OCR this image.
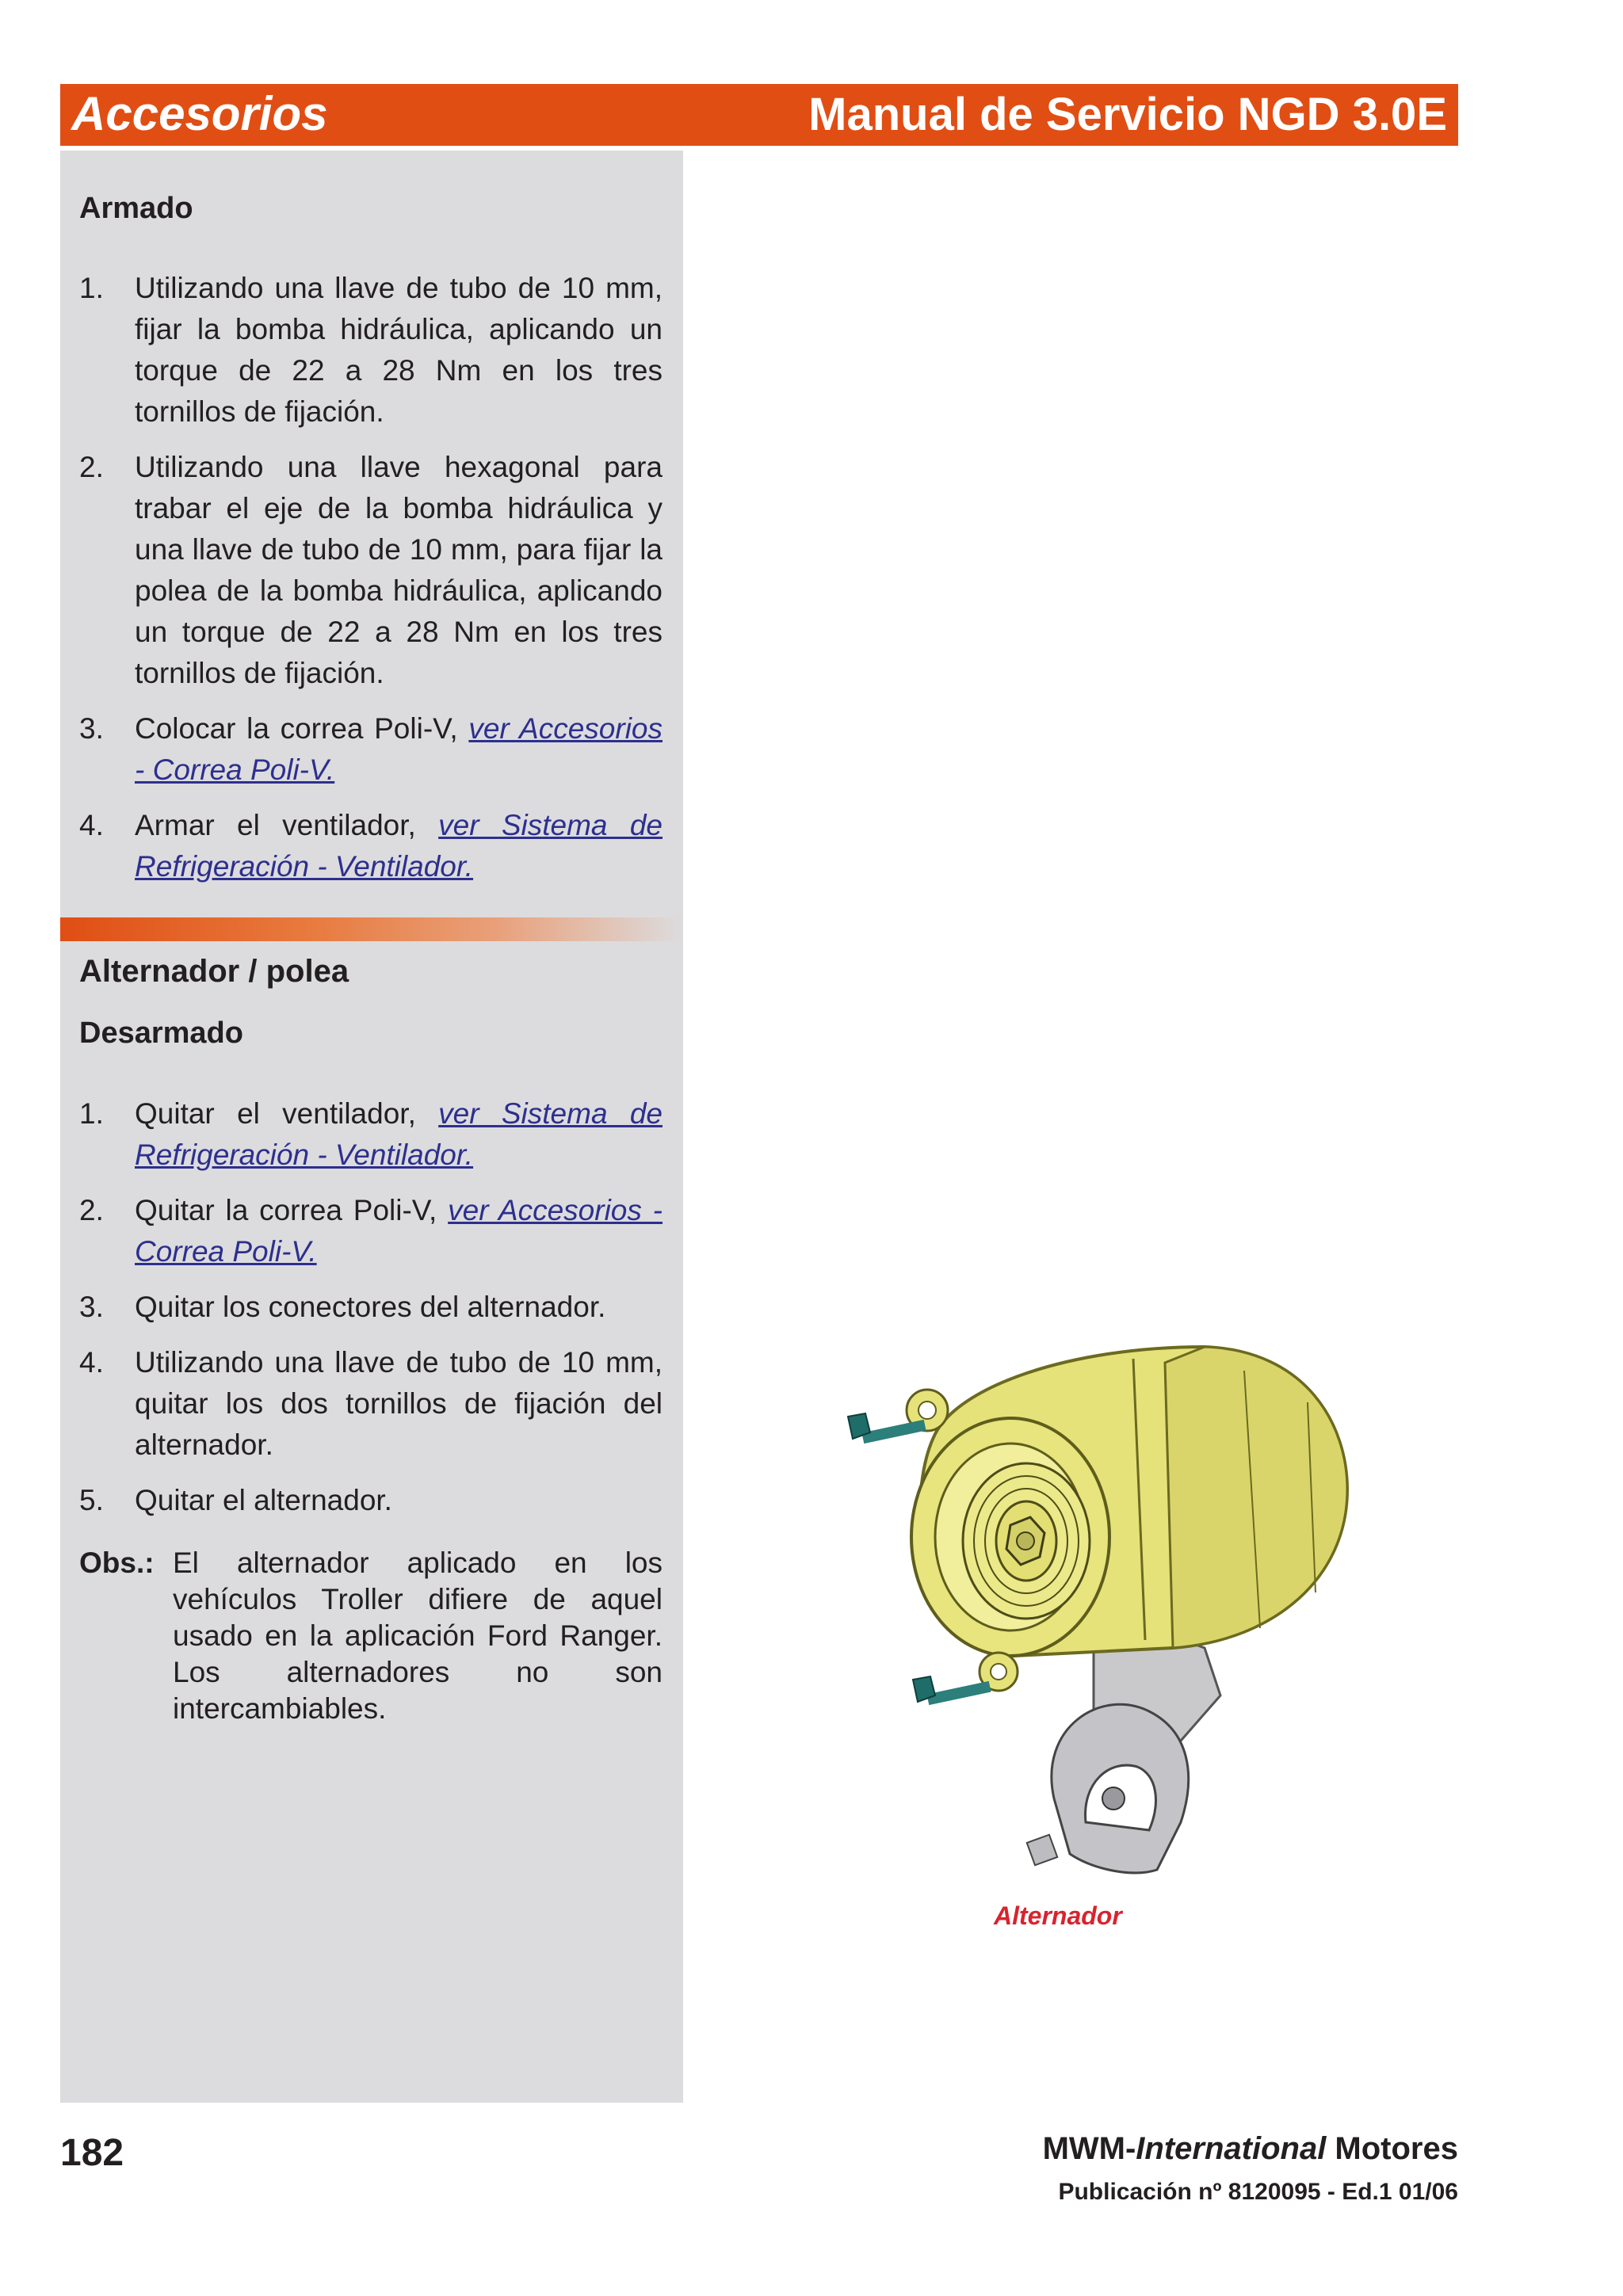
Accesorios	Manual de Servicio NGD 3.0E
Armado
1. Utilizando una llave de tubo de 10 mm, fijar la bomba hidráulica, aplicando un torque de 22 a 28 Nm en los tres tornillos de fijación.
2. Utilizando una llave hexagonal para trabar el eje de la bomba hidráulica y una llave de tubo de 10 mm, para fijar la polea de la bomba hidráulica, aplicando un torque de 22 a 28 Nm en los tres tornillos de fijación.
3. Colocar la correa Poli-V, ver Accesorios - Correa Poli-V.
4. Armar el ventilador, ver Sistema de Refrigeración - Ventilador.
Alternador / polea
Desarmado
1. Quitar el ventilador, ver Sistema de Refrigeración - Ventilador.
2. Quitar la correa Poli-V, ver Accesorios - Correa Poli-V.
3. Quitar los conectores del alternador.
4. Utilizando una llave de tubo de 10 mm, quitar los dos tornillos de fijación del alternador.
5. Quitar el alternador.
Obs.: El alternador aplicado en los vehículos Troller difiere de aquel usado en la aplicación Ford Ranger. Los alternadores no son intercambiables.
Alternador
182	MWM-International Motores
Publicación nº 8120095 - Ed.1 01/06
